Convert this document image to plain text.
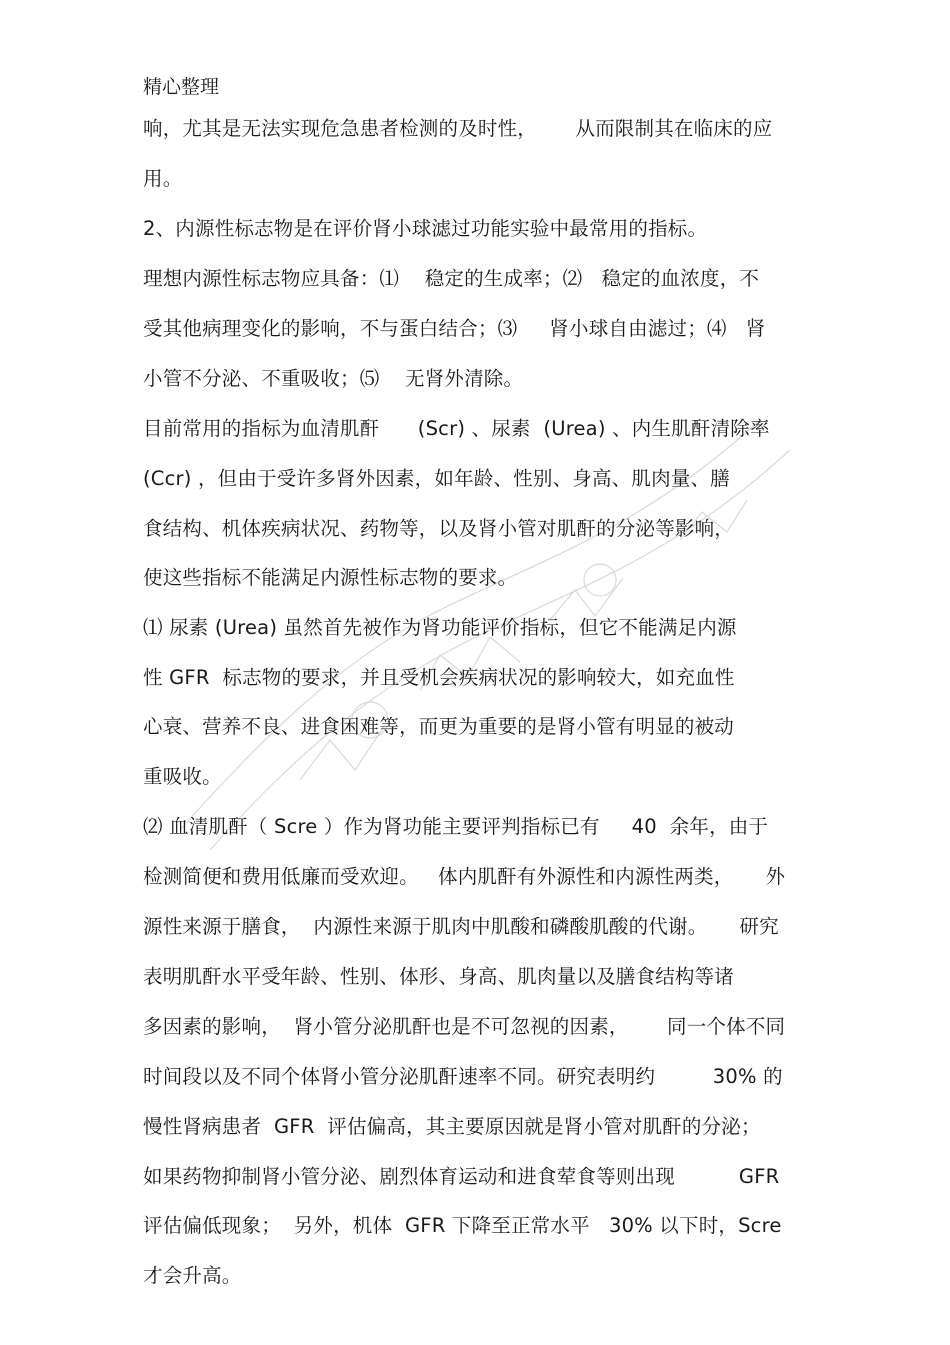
精心整理
响，尤其是无法实现危急患者检测的及时性，      从而限制其在临床的应
用。
2、内源性标志物是在评价肾小球滤过功能实验中最常用的指标。
理想内源性标志物应具备：⑴    稳定的生成率；⑵   稳定的血浓度，不
受其他病理变化的影响，不与蛋白结合；⑶     肾小球自由滤过；⑷   肾
小管不分泌、不重吸收；⑸    无肾外清除。
目前常用的指标为血清肌酐      (Scr) 、尿素  (Urea) 、内生肌酐清除率
(Ccr) ，但由于受许多肾外因素，如年龄、性别、身高、肌肉量、膳
食结构、机体疾病状况、药物等，以及肾小管对肌酐的分泌等影响，
使这些指标不能满足内源性标志物的要求。
⑴ 尿素 (Urea) 虽然首先被作为肾功能评价指标，但它不能满足内源
性 GFR  标志物的要求，并且受机会疾病状况的影响较大，如充血性
心衰、营养不良、进食困难等，而更为重要的是肾小管有明显的被动
重吸收。
⑵ 血清肌酐（ Scre ）作为肾功能主要评判指标已有     40  余年，由于
检测简便和费用低廉而受欢迎。   体内肌酐有外源性和内源性两类，     外
源性来源于膳食，  内源性来源于肌肉中肌酸和磷酸肌酸的代谢。     研究
表明肌酐水平受年龄、性别、体形、身高、肌肉量以及膳食结构等诸
多因素的影响，  肾小管分泌肌酐也是不可忽视的因素，      同一个体不同
时间段以及不同个体肾小管分泌肌酐速率不同。研究表明约         30% 的
慢性肾病患者  GFR  评估偏高，其主要原因就是肾小管对肌酐的分泌；
如果药物抑制肾小管分泌、剧烈体育运动和进食荤食等则出现          GFR
评估偏低现象；  另外，机体  GFR 下降至正常水平   30% 以下时，Scre
才会升高。
